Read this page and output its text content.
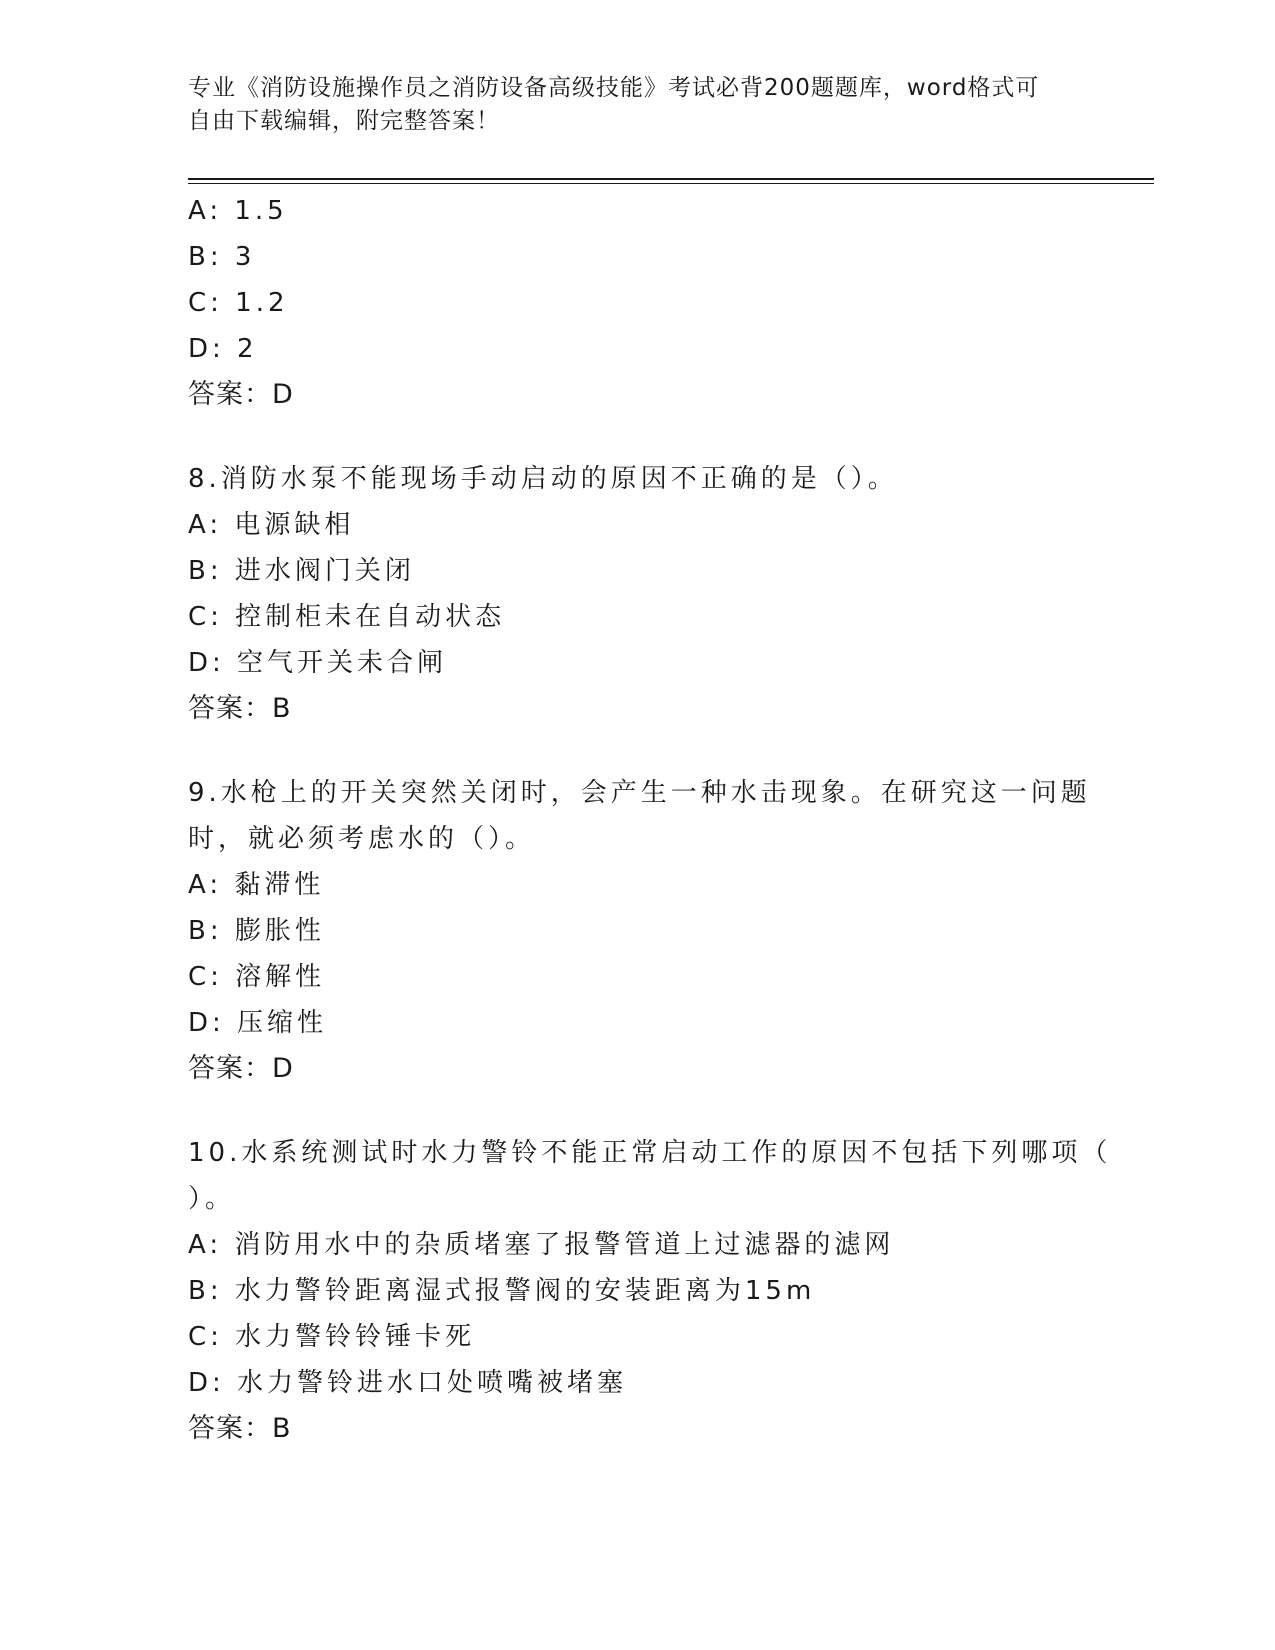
专业《消防设施操作员之消防设备高级技能》考试必背200题题库，word格式可
自由下载编辑，附完整答案！
A: 1.5
B: 3
C: 1.2
D: 2
答案：D
8.消防水泵不能现场手动启动的原因不正确的是（）。
A: 电源缺相
B: 进水阀门关闭
C: 控制柜未在自动状态
D: 空气开关未合闸
答案：B
9.水枪上的开关突然关闭时，会产生一种水击现象。在研究这一问题
时，就必须考虑水的（）。
A: 黏滞性
B: 膨胀性
C: 溶解性
D: 压缩性
答案：D
10.水系统测试时水力警铃不能正常启动工作的原因不包括下列哪项（
）。
A: 消防用水中的杂质堵塞了报警管道上过滤器的滤网
B: 水力警铃距离湿式报警阀的安装距离为15m
C: 水力警铃铃锤卡死
D: 水力警铃进水口处喷嘴被堵塞
答案：B
